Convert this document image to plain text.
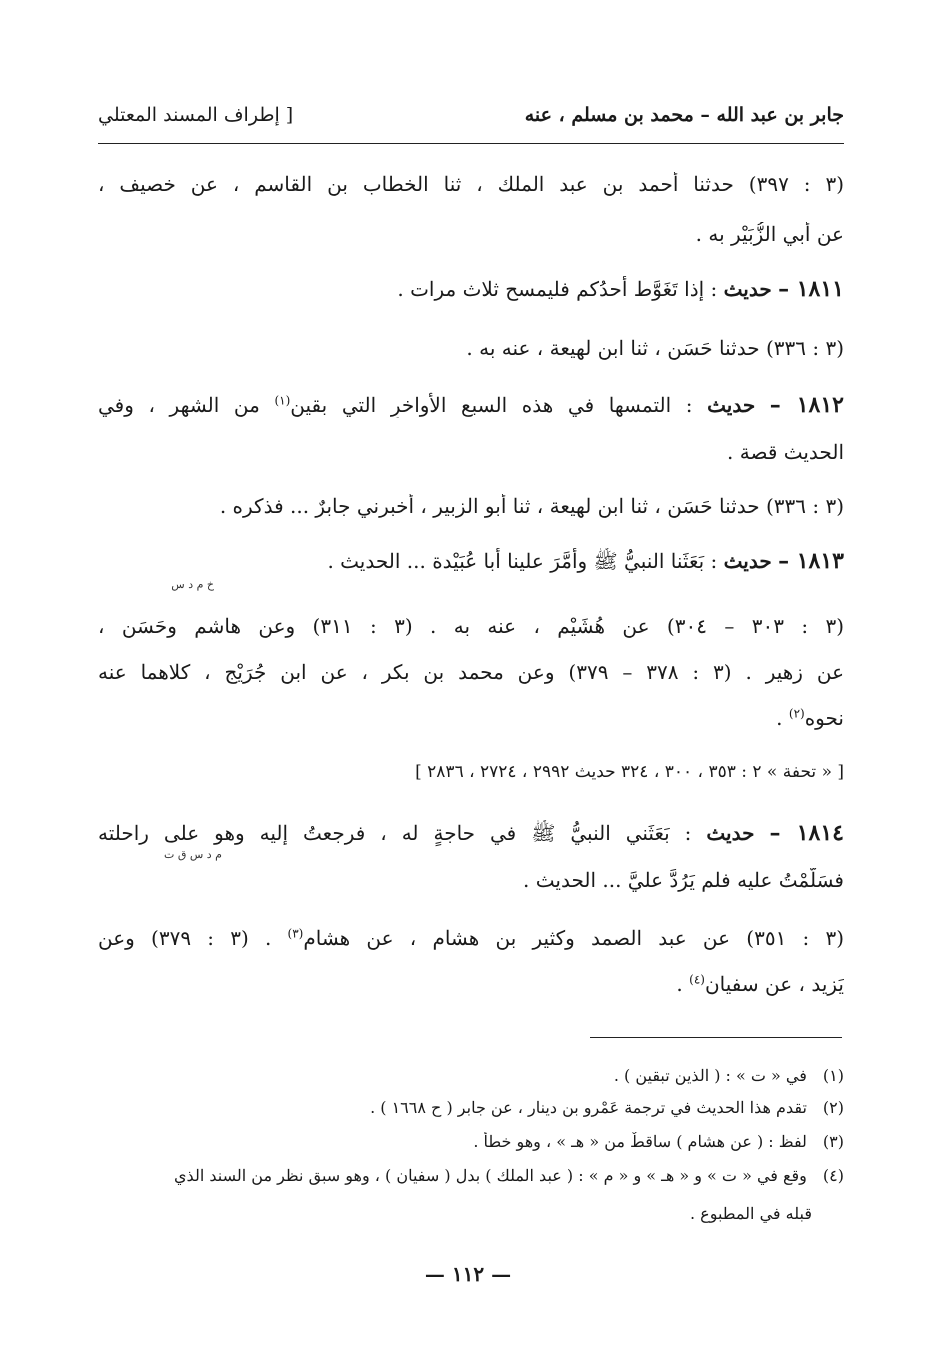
جابر بن عبد الله – محمد بن مسلم ، عنه
[ إطراف المسند المعتلي
(٣ : ٣٩٧) حدثنا أحمد بن عبد الملك ، ثنا الخطاب بن القاسم ، عن خصيف ،
عن أبي الزُّبَيْرِ به .
١٨١١ – حديث : إذا تَغَوَّط أحدُكم فليمسح ثلاث مرات .
(٣ : ٣٣٦) حدثنا حَسَن ، ثنا ابن لهيعة ، عنه به .
١٨١٢ – حديث : التمسها في هذه السبعِ الأواخرِ التي بقين$^{(١)}$ من الشهر ، وفي
الحديث قصة .
(٣ : ٣٣٦) حدثنا حَسَن ، ثنا ابن لهيعة ، ثنا أبو الزبير ، أخبرني جابرٌ ... فذكره .
١٨١٣ – حديث : بَعَثَنا النبيُّ ﷺ وأَمَّرَ علينا أبا عُبَيْدة ... الحديث .
خ م د س
(٣ : ٣٠٣ – ٣٠٤) عن هُشَيْم ، عنه به . (٣ : ٣١١) وعن هاشم وحَسَن ،
عن زهير . (٣ : ٣٧٨ – ٣٧٩) وعن محمد بن بكر ، عن ابن جُرَيْج ، كلاهما عنه
نحوه$^{(٢)}$ .
[ « تحفة » ٢ : ٣٥٣ ، ٣٠٠ ، ٣٢٤ حديث ٢٩٩٢ ، ٢٧٢٤ ، ٢٨٣٦ ]
١٨١٤ – حديث : بَعَثَني النبيُّ ﷺ في حاجةٍ له ، فرجعتُ إليه وهو على راحلته
م د س ق ت
فسَلَّمْتُ عليه فلم يَرُدَّ عليَّ ... الحديث .
(٣ : ٣٥١) عن عبد الصمد وكثير بن هشام ، عن هشام$^{(٣)}$ . (٣ : ٣٧٩) وعن
يَزِيد ، عن سفيان$^{(٤)}$ .
(١) في « ت » : ( الذين تبقين ) .
(٢) تقدم هذا الحديث في ترجمة عَمْرو بن دينار ، عن جابر ( ح ١٦٦٨ ) .
(٣) لفظ : ( عن هشام ) ساقطٌ من « هـ » ، وهو خطأ .
(٤) وقع في « ت » و « هـ » و « م » : ( عبد الملك ) بدل ( سفيان ) ، وهو سبق نظر من السند الذي
قبله في المطبوع .
— ١١٢ —
